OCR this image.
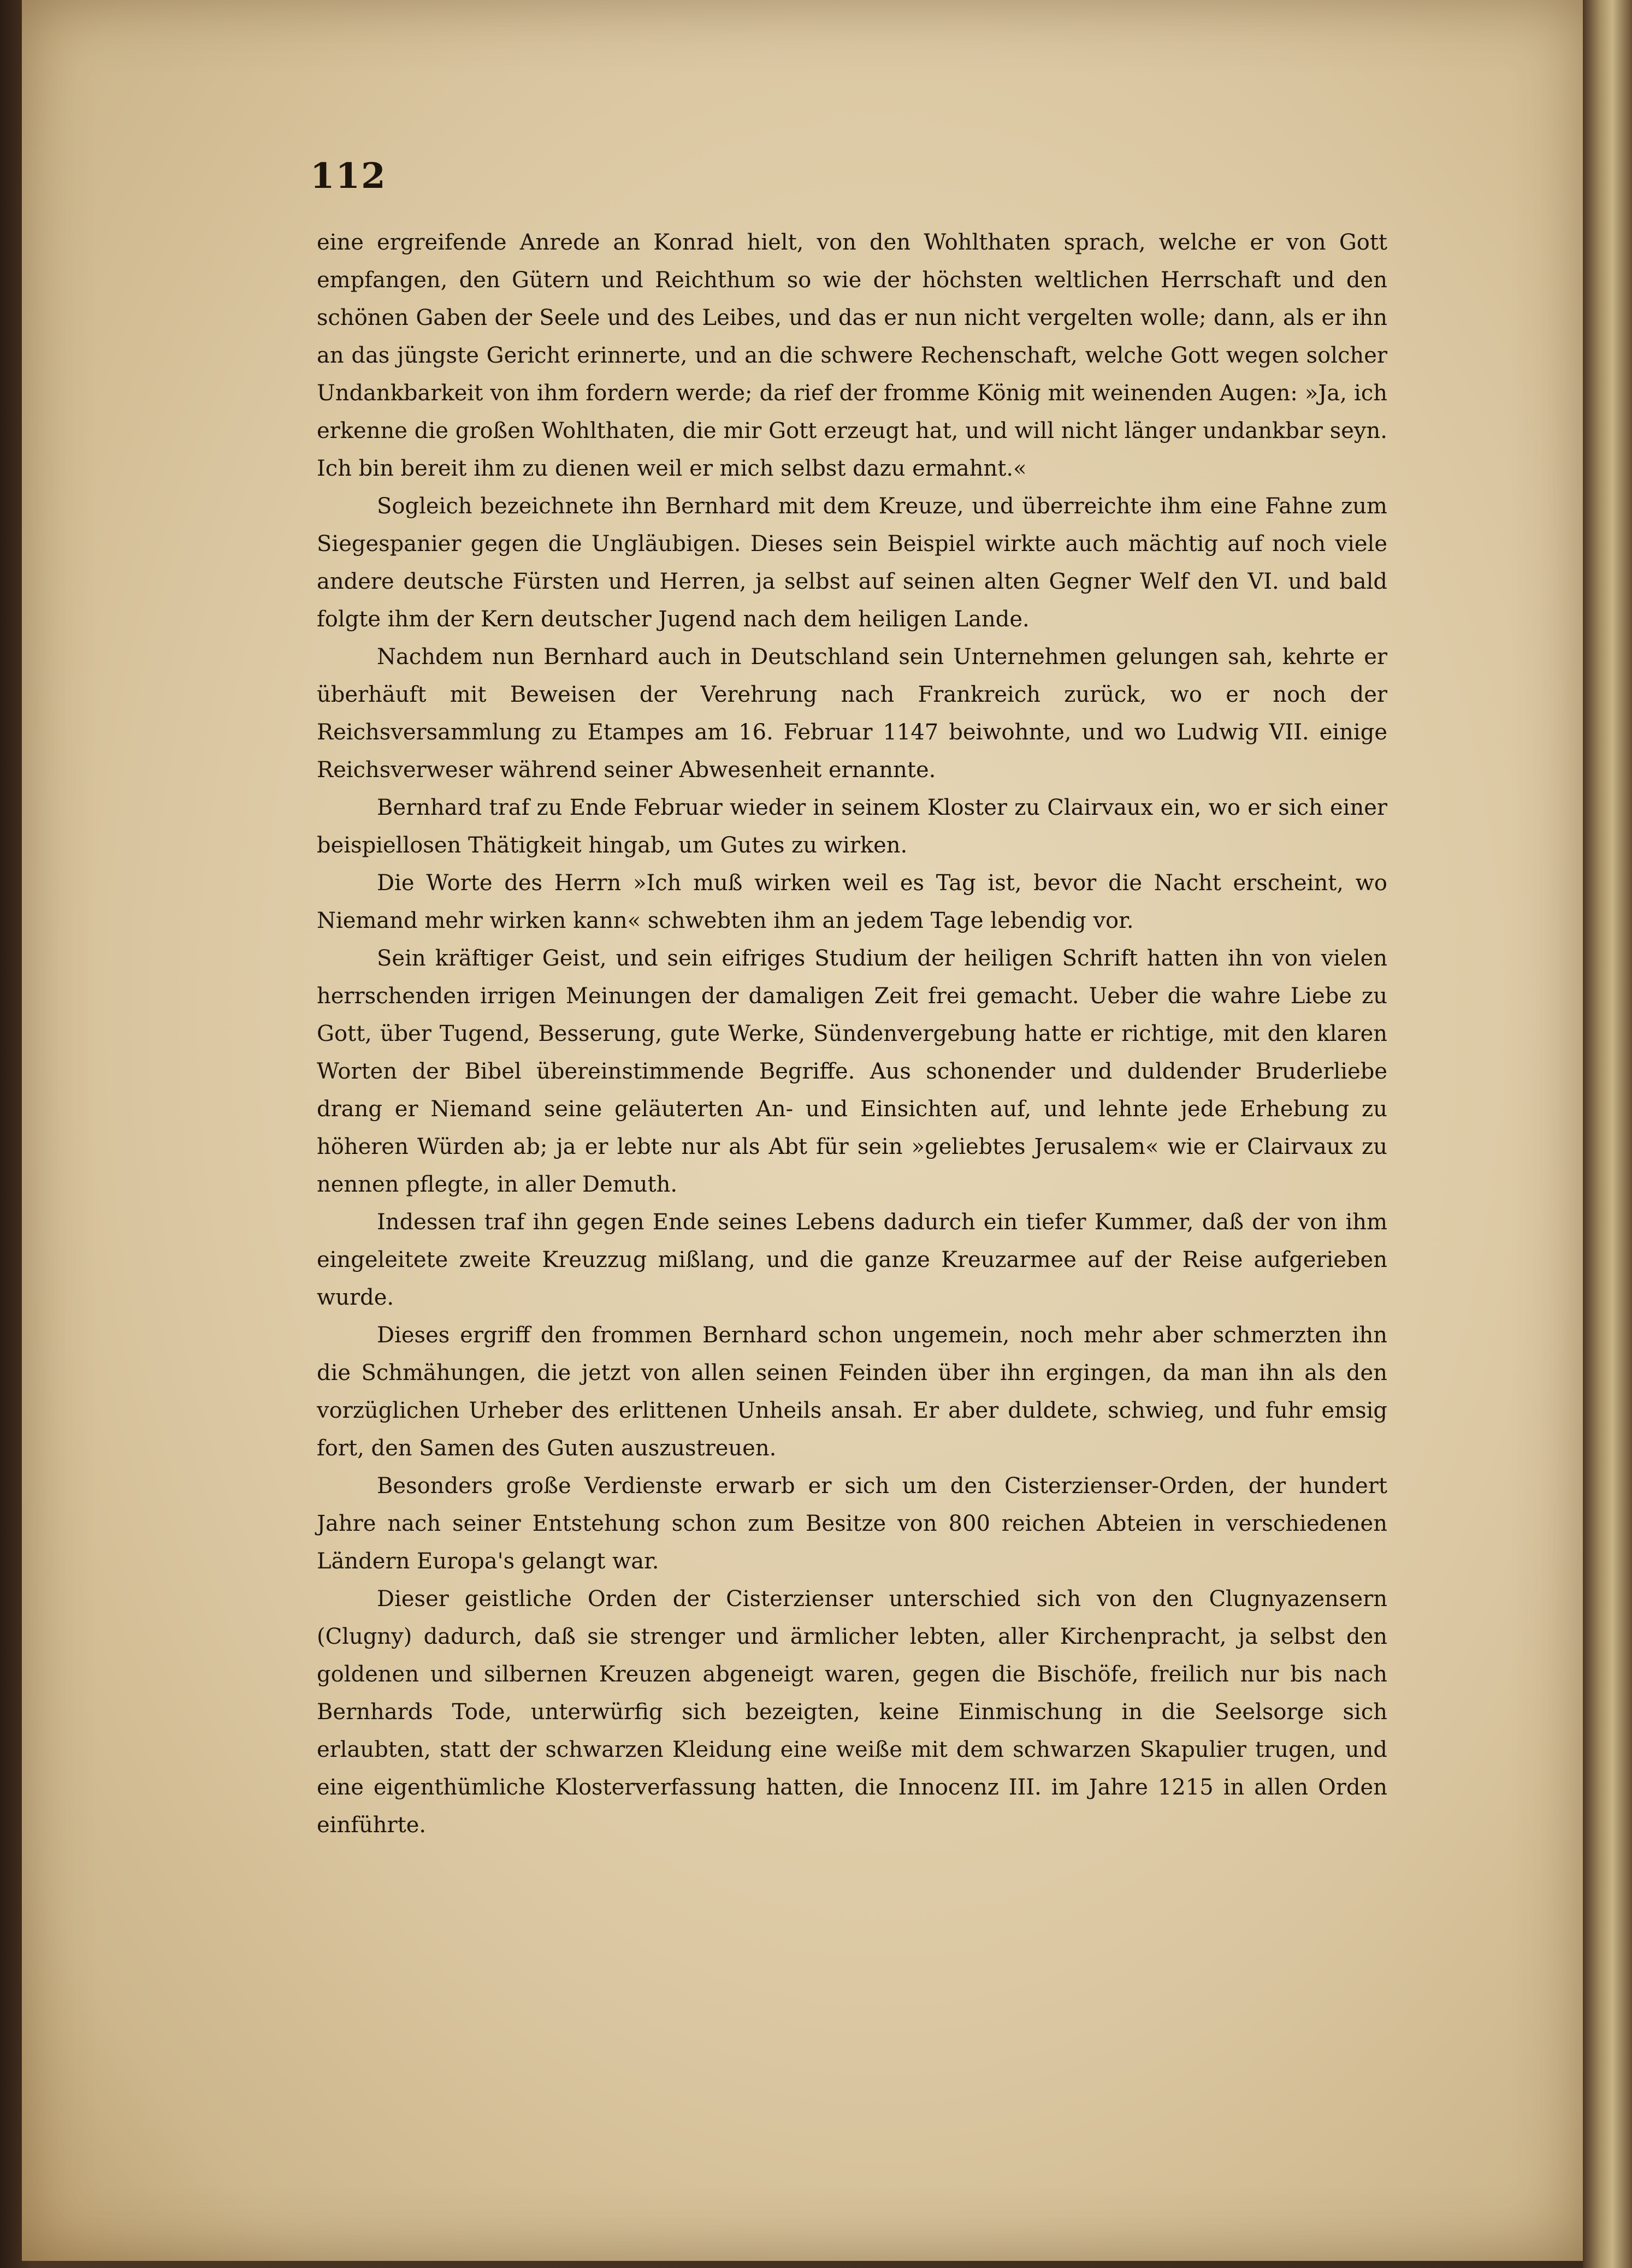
112

eine ergreifende Anrede an Konrad hielt, von den Wohlthaten sprach, welche er von Gott empfangen, den Gütern und Reichthum so wie der höchsten weltlichen Herrschaft und den schönen Gaben der Seele und des Leibes, und das er nun nicht vergelten wolle; dann, als er ihn an das jüngste Gericht erinnerte, und an die schwere Rechenschaft, welche Gott wegen solcher Undankbarkeit von ihm fordern werde; da rief der fromme König mit weinenden Augen: »Ja, ich erkenne die großen Wohlthaten, die mir Gott erzeugt hat, und will nicht länger undankbar seyn. Ich bin bereit ihm zu dienen weil er mich selbst dazu ermahnt.«

Sogleich bezeichnete ihn Bernhard mit dem Kreuze, und überreichte ihm eine Fahne zum Siegespanier gegen die Ungläubigen. Dieses sein Beispiel wirkte auch mächtig auf noch viele andere deutsche Fürsten und Herren, ja selbst auf seinen alten Gegner Welf den VI. und bald folgte ihm der Kern deutscher Jugend nach dem heiligen Lande.

Nachdem nun Bernhard auch in Deutschland sein Unternehmen gelungen sah, kehrte er überhäuft mit Beweisen der Verehrung nach Frankreich zurück, wo er noch der Reichsversammlung zu Etampes am 16. Februar 1147 beiwohnte, und wo Ludwig VII. einige Reichsverweser während seiner Abwesenheit ernannte.

Bernhard traf zu Ende Februar wieder in seinem Kloster zu Clairvaux ein, wo er sich einer beispiellosen Thätigkeit hingab, um Gutes zu wirken.

Die Worte des Herrn »Ich muß wirken weil es Tag ist, bevor die Nacht erscheint, wo Niemand mehr wirken kann« schwebten ihm an jedem Tage lebendig vor.

Sein kräftiger Geist, und sein eifriges Studium der heiligen Schrift hatten ihn von vielen herrschenden irrigen Meinungen der damaligen Zeit frei gemacht. Ueber die wahre Liebe zu Gott, über Tugend, Besserung, gute Werke, Sündenvergebung hatte er richtige, mit den klaren Worten der Bibel übereinstimmende Begriffe. Aus schonender und duldender Bruderliebe drang er Niemand seine geläuterten An- und Einsichten auf, und lehnte jede Erhebung zu höheren Würden ab; ja er lebte nur als Abt für sein »geliebtes Jerusalem« wie er Clairvaux zu nennen pflegte, in aller Demuth.

Indessen traf ihn gegen Ende seines Lebens dadurch ein tiefer Kummer, daß der von ihm eingeleitete zweite Kreuzzug mißlang, und die ganze Kreuzarmee auf der Reise aufgerieben wurde.

Dieses ergriff den frommen Bernhard schon ungemein, noch mehr aber schmerzten ihn die Schmähungen, die jetzt von allen seinen Feinden über ihn ergingen, da man ihn als den vorzüglichen Urheber des erlittenen Unheils ansah. Er aber duldete, schwieg, und fuhr emsig fort, den Samen des Guten auszustreuen.

Besonders große Verdienste erwarb er sich um den Cisterzienser-Orden, der hundert Jahre nach seiner Entstehung schon zum Besitze von 800 reichen Abteien in verschiedenen Ländern Europa's gelangt war.

Dieser geistliche Orden der Cisterzienser unterschied sich von den Clugnyazensern (Clugny) dadurch, daß sie strenger und ärmlicher lebten, aller Kirchenpracht, ja selbst den goldenen und silbernen Kreuzen abgeneigt waren, gegen die Bischöfe, freilich nur bis nach Bernhards Tode, unterwürfig sich bezeigten, keine Einmischung in die Seelsorge sich erlaubten, statt der schwarzen Kleidung eine weiße mit dem schwarzen Skapulier trugen, und eine eigenthümliche Klosterverfassung hatten, die Innocenz III. im Jahre 1215 in allen Orden einführte.
